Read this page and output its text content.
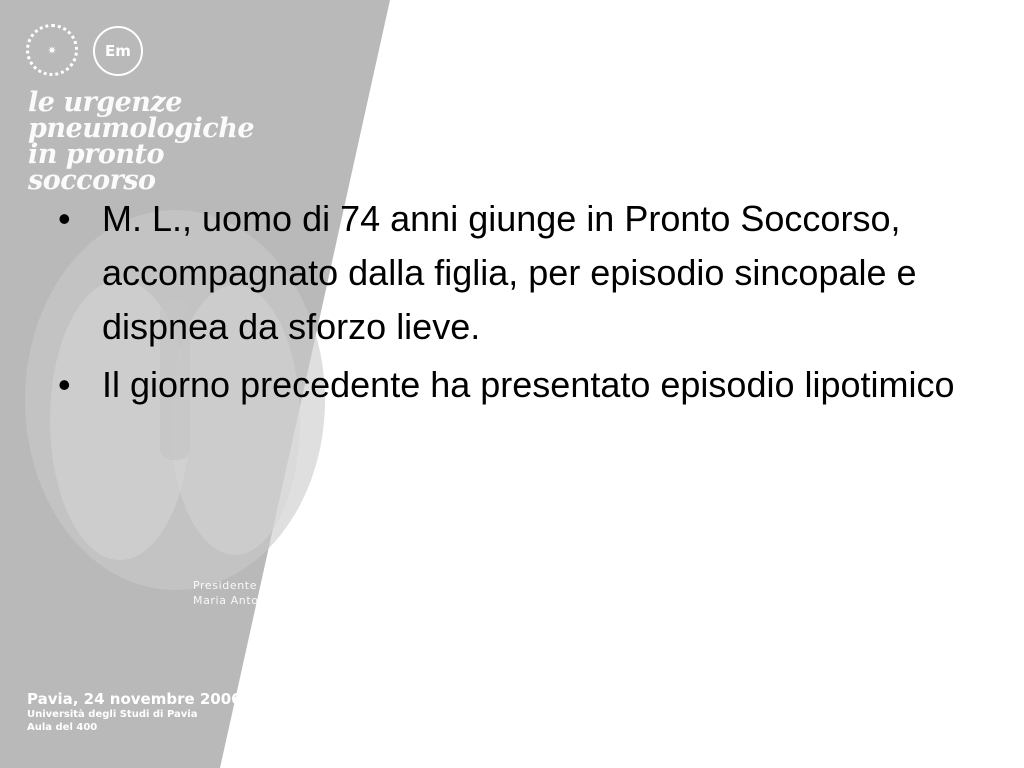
✷	Em
le urgenze
pneumologiche
in pronto
soccorso
• M. L., uomo di 74 anni giunge in Pronto Soccorso, accompagnato dalla figlia, per episodio sincopale e dispnea da sforzo lieve.
• Il giorno precedente ha presentato episodio lipotimico
Presidente del Congresso:
Maria Antonietta Bressan
Pavia, 24 novembre 2006
Università degli Studi di Pavia
Aula del 400
